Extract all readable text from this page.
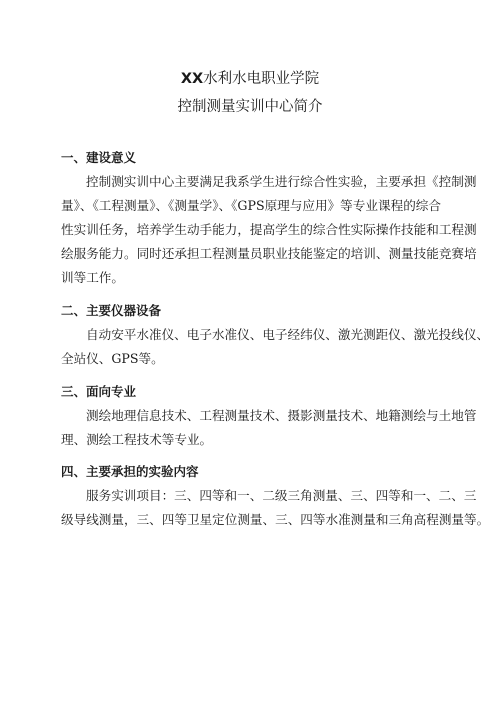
XX水利水电职业学院
控制测量实训中心简介
一、建设意义
控制测实训中心主要满足我系学生进行综合性实验，主要承担《控制测
量》、《工程测量》、《测量学》、《GPS原理与应用》等专业课程的综合
性实训任务，培养学生动手能力，提高学生的综合性实际操作技能和工程测
绘服务能力。同时还承担工程测量员职业技能鉴定的培训、测量技能竞赛培
训等工作。
二、主要仪器设备
自动安平水准仪、电子水准仪、电子经纬仪、激光测距仪、激光投线仪、
全站仪、GPS等。
三、面向专业
测绘地理信息技术、工程测量技术、摄影测量技术、地籍测绘与土地管
理、测绘工程技术等专业。
四、主要承担的实验内容
服务实训项目：三、四等和一、二级三角测量、三、四等和一、二、三
级导线测量，三、四等卫星定位测量、三、四等水准测量和三角高程测量等。
